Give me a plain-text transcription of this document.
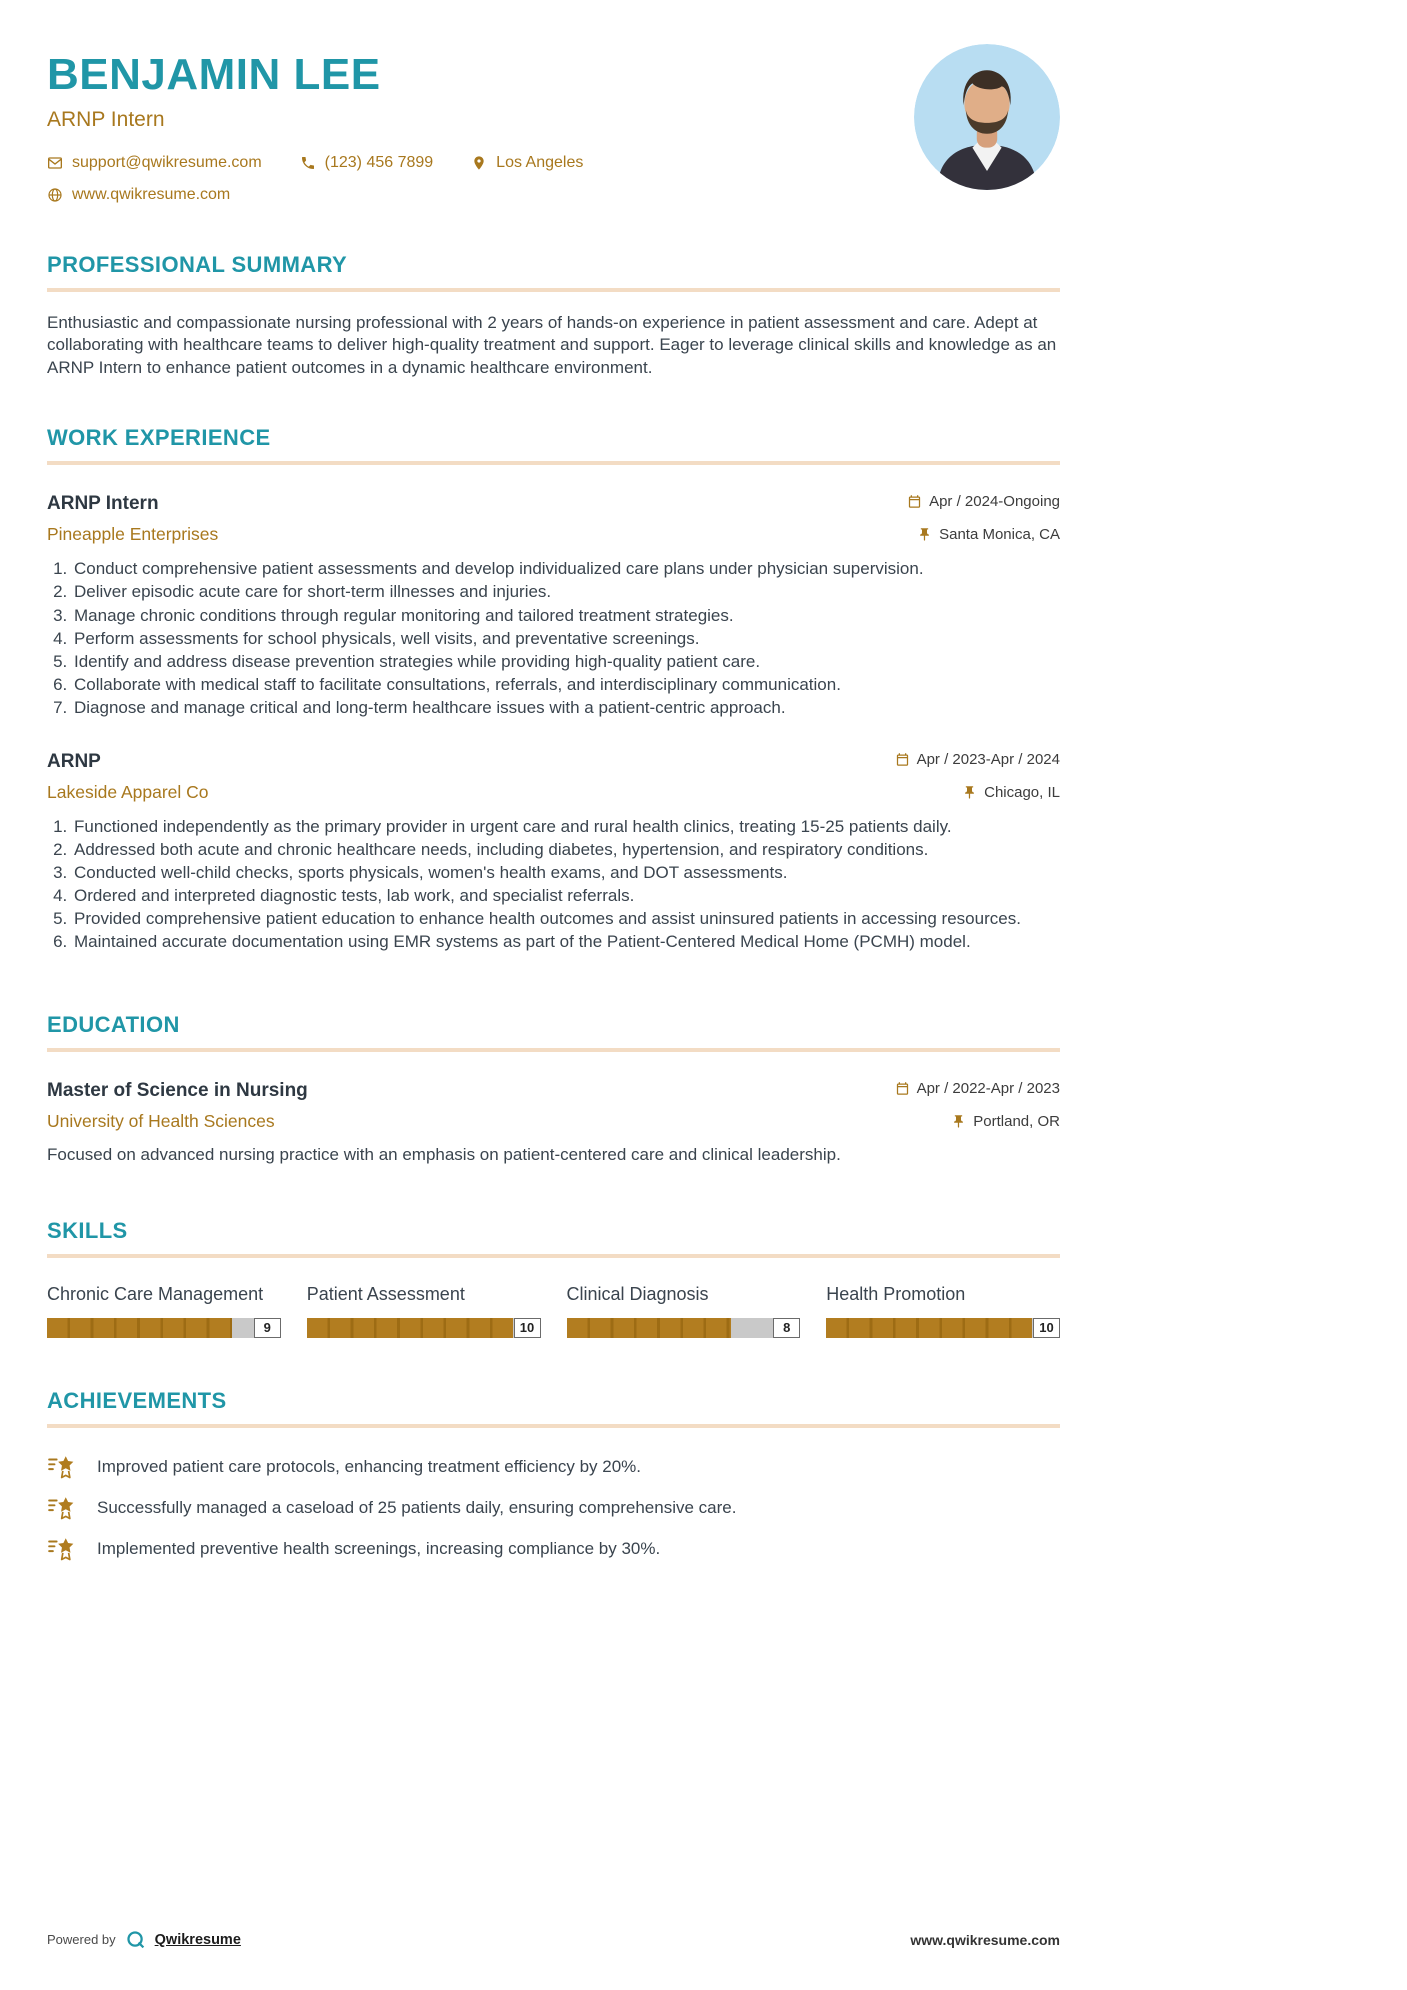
BENJAMIN LEE
ARNP Intern
support@qwikresume.com	(123) 456 7899	Los Angeles
www.qwikresume.com
PROFESSIONAL SUMMARY

Enthusiastic and compassionate nursing professional with 2 years of hands-on experience in patient assessment and care. Adept at collaborating with healthcare teams to deliver high-quality treatment and support. Eager to leverage clinical skills and knowledge as an ARNP Intern to enhance patient outcomes in a dynamic healthcare environment.

WORK EXPERIENCE
ARNP Intern	Apr / 2024-Ongoing
Pineapple Enterprises	Santa Monica, CA
1. Conduct comprehensive patient assessments and develop individualized care plans under physician supervision.
2. Deliver episodic acute care for short-term illnesses and injuries.
3. Manage chronic conditions through regular monitoring and tailored treatment strategies.
4. Perform assessments for school physicals, well visits, and preventative screenings.
5. Identify and address disease prevention strategies while providing high-quality patient care.
6. Collaborate with medical staff to facilitate consultations, referrals, and interdisciplinary communication.
7. Diagnose and manage critical and long-term healthcare issues with a patient-centric approach.
ARNP	Apr / 2023-Apr / 2024
Lakeside Apparel Co	Chicago, IL
1. Functioned independently as the primary provider in urgent care and rural health clinics, treating 15-25 patients daily.
2. Addressed both acute and chronic healthcare needs, including diabetes, hypertension, and respiratory conditions.
3. Conducted well-child checks, sports physicals, women's health exams, and DOT assessments.
4. Ordered and interpreted diagnostic tests, lab work, and specialist referrals.
5. Provided comprehensive patient education to enhance health outcomes and assist uninsured patients in accessing resources.
6. Maintained accurate documentation using EMR systems as part of the Patient-Centered Medical Home (PCMH) model.
EDUCATION
Master of Science in Nursing	Apr / 2022-Apr / 2023
University of Health Sciences	Portland, OR

Focused on advanced nursing practice with an emphasis on patient-centered care and clinical leadership.

SKILLS
Chronic Care Management
9
Patient Assessment
10
Clinical Diagnosis
8
Health Promotion
10
ACHIEVEMENTS
Improved patient care protocols, enhancing treatment efficiency by 20%.
Successfully managed a caseload of 25 patients daily, ensuring comprehensive care.
Implemented preventive health screenings, increasing compliance by 30%.
Powered by	Qwikresume	www.qwikresume.com
